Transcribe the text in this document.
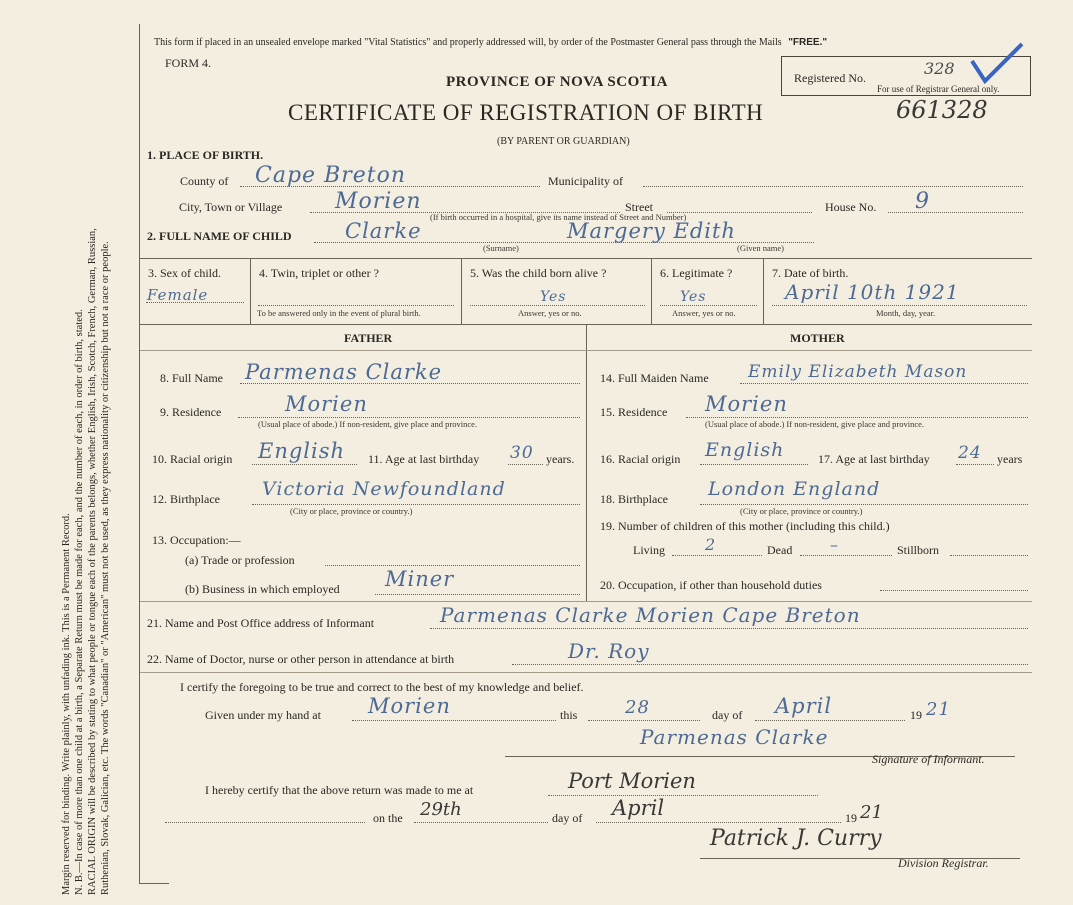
Margin reserved for binding. Write plainly, with unfading ink. This is a Permanent Record. N. B.—In case of more than one child at a birth, a Separate Return must be made for each, and the number of each, in order of birth, stated. RACIAL ORIGIN will be described by stating to what people or tongue each of the parents belongs, whether English, Irish, Scotch, French, German, Russian, Ruthenian, Slovak, Galician, etc. The words "Canadian" or "American" must not be used, as they express nationality or citizenship but not a race or people.
This form if placed in an unsealed envelope marked "Vital Statistics" and properly addressed will, by order of the Postmaster General pass through the Mails "FREE."
FORM 4.
Registered No.
For use of Registrar General only.
328
PROVINCE OF NOVA SCOTIA
CERTIFICATE OF REGISTRATION OF BIRTH	661328
(BY PARENT OR GUARDIAN)
1. PLACE OF BIRTH.
County of Cape Breton	Municipality of
City, Town or Village Morien	Street	House No. 9
(If birth occurred in a hospital, give its name instead of Street and Number)
2. FULL NAME OF CHILD	Clarke	Margery Edith
(Surname)	(Given name)
3. Sex of child.
Female
4. Twin, triplet or other ?
To be answered only in the event of plural birth.
5. Was the child born alive ?
Yes
Answer, yes or no.
6. Legitimate ?
Yes
Answer, yes or no.
7. Date of birth.
April 10th 1921
Month, day, year.
FATHER	MOTHER
8. Full Name Parmenas Clarke
9. Residence	Morien
(Usual place of abode.) If non-resident, give place and province.
10. Racial origin English 11. Age at last birthday 30 years.
12. Birthplace Victoria Newfoundland
(City or place, province or country.)
13. Occupation:—
(a) Trade or profession
(b) Business in which employed Miner
14. Full Maiden Name Emily Elizabeth Mason
15. Residence Morien
(Usual place of abode.) If non-resident, give place and province.
16. Racial origin English	17. Age at last birthday 24 years
18. Birthplace London England
(City or place, province or country.)
19. Number of children of this mother (including this child.)
Living	2	Dead –	Stillborn
20. Occupation, if other than household duties
21. Name and Post Office address of Informant	Parmenas Clarke Morien Cape Breton
22. Name of Doctor, nurse or other person in attendance at birth	Dr. Roy
I certify the foregoing to be true and correct to the best of my knowledge and belief.
Given under my hand at Morien	this	28	day of April	19 21
Parmenas Clarke
Signature of Informant.
I hereby certify that the above return was made to me at	Port Morien
on the 29th	day of April	19 21
Patrick J. Curry
Division Registrar.
